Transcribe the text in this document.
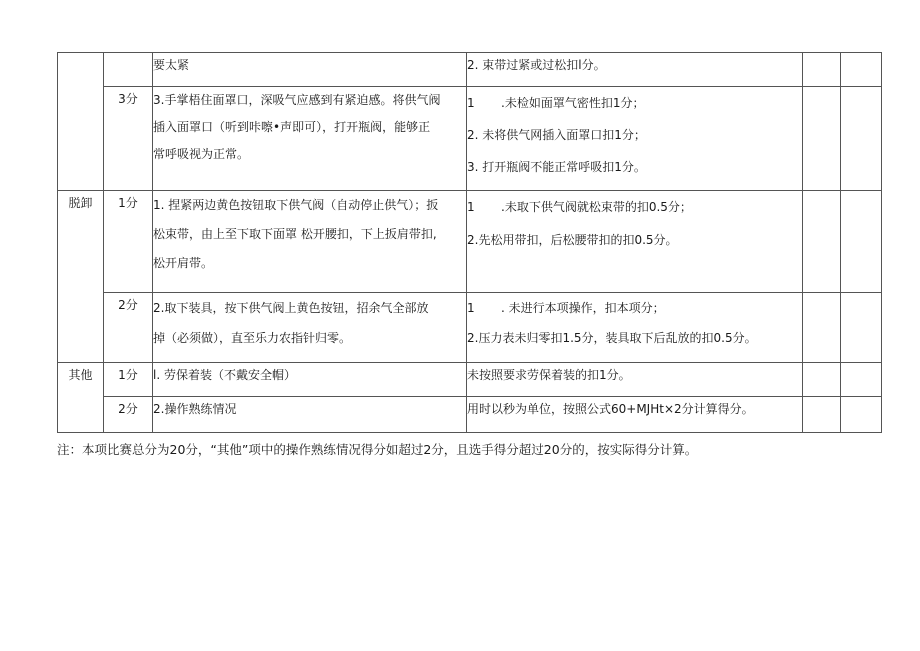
		要太紧	2. 束带过紧或过松扣l分。		

	3分	3.手掌梧住面罩口，深吸气应感到有紧迫感。将供气阀
插入面罩口（听到咔嚓•声即可），打开瓶阀，能够正
常呼吸视为正常。	1 .未检如面罩气密性扣1分；
2. 未将供气网插入面罩口扣1分；
3. 打开瓶阀不能正常呼吸扣1分。		

脱卸	1分	1. 捏紧两边黄色按钮取下供气阀（自动停止供气）；扳
松束带，由上至下取下面罩 松开腰扣，下上扳肩带扣,
松开肩带。	1 .未取下供气阀就松束带的扣0.5分；
2.先松用带扣，后松腰带扣的扣0.5分。		

	2分	2.取下装具，按下供气阀上黄色按钮，招余气全部放
掉（必须做），直至乐力农指针归零。	1 . 未进行本项操作，扣本项分；
2.压力表未归零扣1.5分，装具取下后乱放的扣0.5分。		

其他	1分	l. 劳保着装（不戴安全帽）	未按照要求劳保着装的扣1分。		

	2分	2.操作熟练情况	用时以秒为单位，按照公式60+MJHt×2分计算得分。		

注：本项比赛总分为20分，“其他”项中的操作熟练情况得分如超过2分，且选手得分超过20分的，按实际得分计算。
